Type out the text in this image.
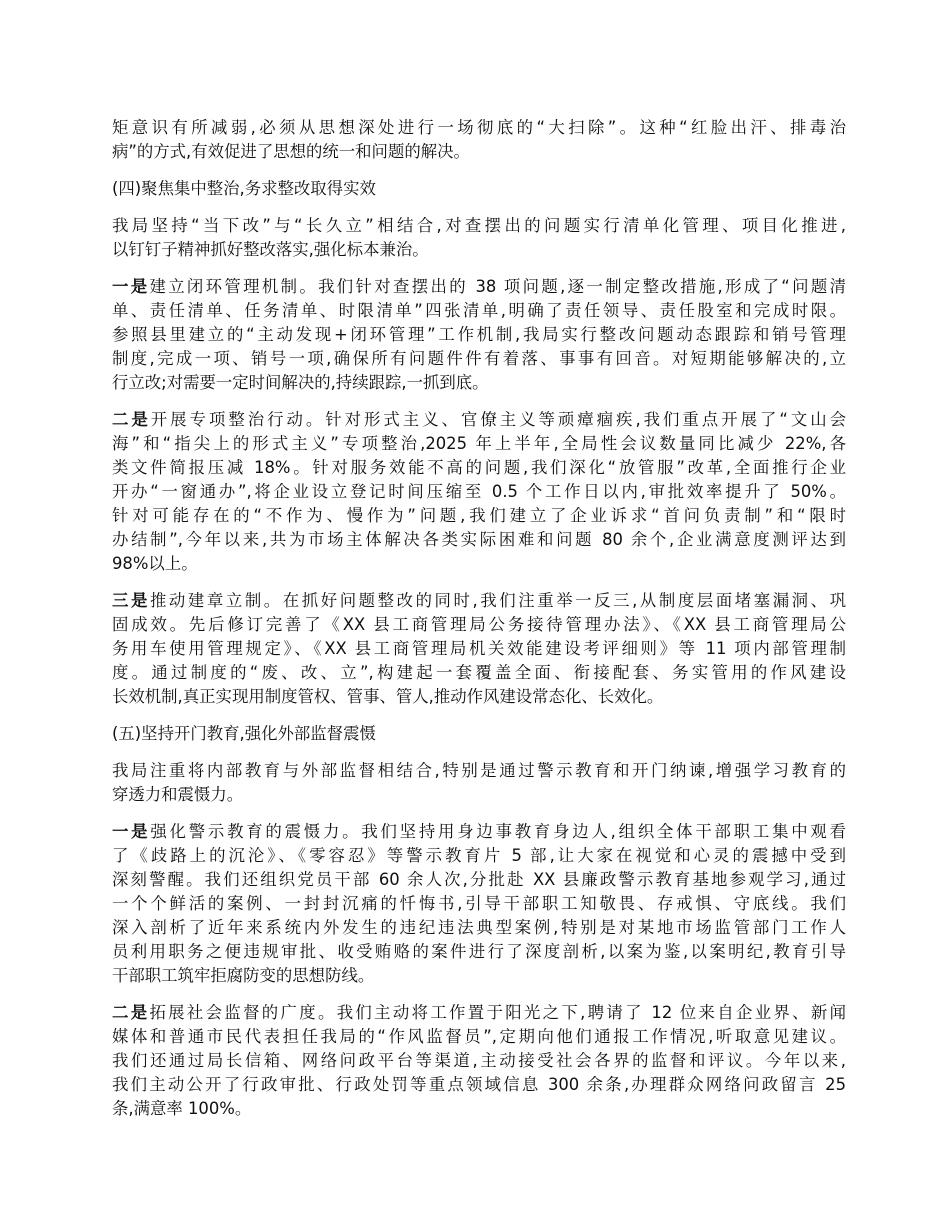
矩意识有所减弱,必须从思想深处进行一场彻底的“大扫除”。这种“红脸出汗、排毒治
病”的方式,有效促进了思想的统一和问题的解决。
(四)聚焦集中整治,务求整改取得实效
我局坚持“当下改”与“长久立”相结合,对查摆出的问题实行清单化管理、项目化推进,
以钉钉子精神抓好整改落实,强化标本兼治。
一是建立闭环管理机制。我们针对查摆出的 38 项问题,逐一制定整改措施,形成了“问题清
单、责任清单、任务清单、时限清单”四张清单,明确了责任领导、责任股室和完成时限。
参照县里建立的“主动发现+闭环管理”工作机制,我局实行整改问题动态跟踪和销号管理
制度,完成一项、销号一项,确保所有问题件件有着落、事事有回音。对短期能够解决的,立
行立改;对需要一定时间解决的,持续跟踪,一抓到底。
二是开展专项整治行动。针对形式主义、官僚主义等顽瘴痼疾,我们重点开展了“文山会
海”和“指尖上的形式主义”专项整治,2025 年上半年,全局性会议数量同比减少 22%,各
类文件简报压减 18%。针对服务效能不高的问题,我们深化“放管服”改革,全面推行企业
开办“一窗通办”,将企业设立登记时间压缩至 0.5 个工作日以内,审批效率提升了 50%。
针对可能存在的“不作为、慢作为”问题,我们建立了企业诉求“首问负责制”和“限时
办结制”,今年以来,共为市场主体解决各类实际困难和问题 80 余个,企业满意度测评达到
98%以上。
三是推动建章立制。在抓好问题整改的同时,我们注重举一反三,从制度层面堵塞漏洞、巩
固成效。先后修订完善了《XX 县工商管理局公务接待管理办法》、《XX 县工商管理局公
务用车使用管理规定》、《XX 县工商管理局机关效能建设考评细则》等 11 项内部管理制
度。通过制度的“废、改、立”,构建起一套覆盖全面、衔接配套、务实管用的作风建设
长效机制,真正实现用制度管权、管事、管人,推动作风建设常态化、长效化。
(五)坚持开门教育,强化外部监督震慑
我局注重将内部教育与外部监督相结合,特别是通过警示教育和开门纳谏,增强学习教育的
穿透力和震慑力。
一是强化警示教育的震慑力。我们坚持用身边事教育身边人,组织全体干部职工集中观看
了《歧路上的沉沦》、《零容忍》等警示教育片 5 部,让大家在视觉和心灵的震撼中受到
深刻警醒。我们还组织党员干部 60 余人次,分批赴 XX 县廉政警示教育基地参观学习,通过
一个个鲜活的案例、一封封沉痛的忏悔书,引导干部职工知敬畏、存戒惧、守底线。我们
深入剖析了近年来系统内外发生的违纪违法典型案例,特别是对某地市场监管部门工作人
员利用职务之便违规审批、收受贿赂的案件进行了深度剖析,以案为鉴,以案明纪,教育引导
干部职工筑牢拒腐防变的思想防线。
二是拓展社会监督的广度。我们主动将工作置于阳光之下,聘请了 12 位来自企业界、新闻
媒体和普通市民代表担任我局的“作风监督员”,定期向他们通报工作情况,听取意见建议。
我们还通过局长信箱、网络问政平台等渠道,主动接受社会各界的监督和评议。今年以来,
我们主动公开了行政审批、行政处罚等重点领域信息 300 余条,办理群众网络问政留言 25
条,满意率 100%。
